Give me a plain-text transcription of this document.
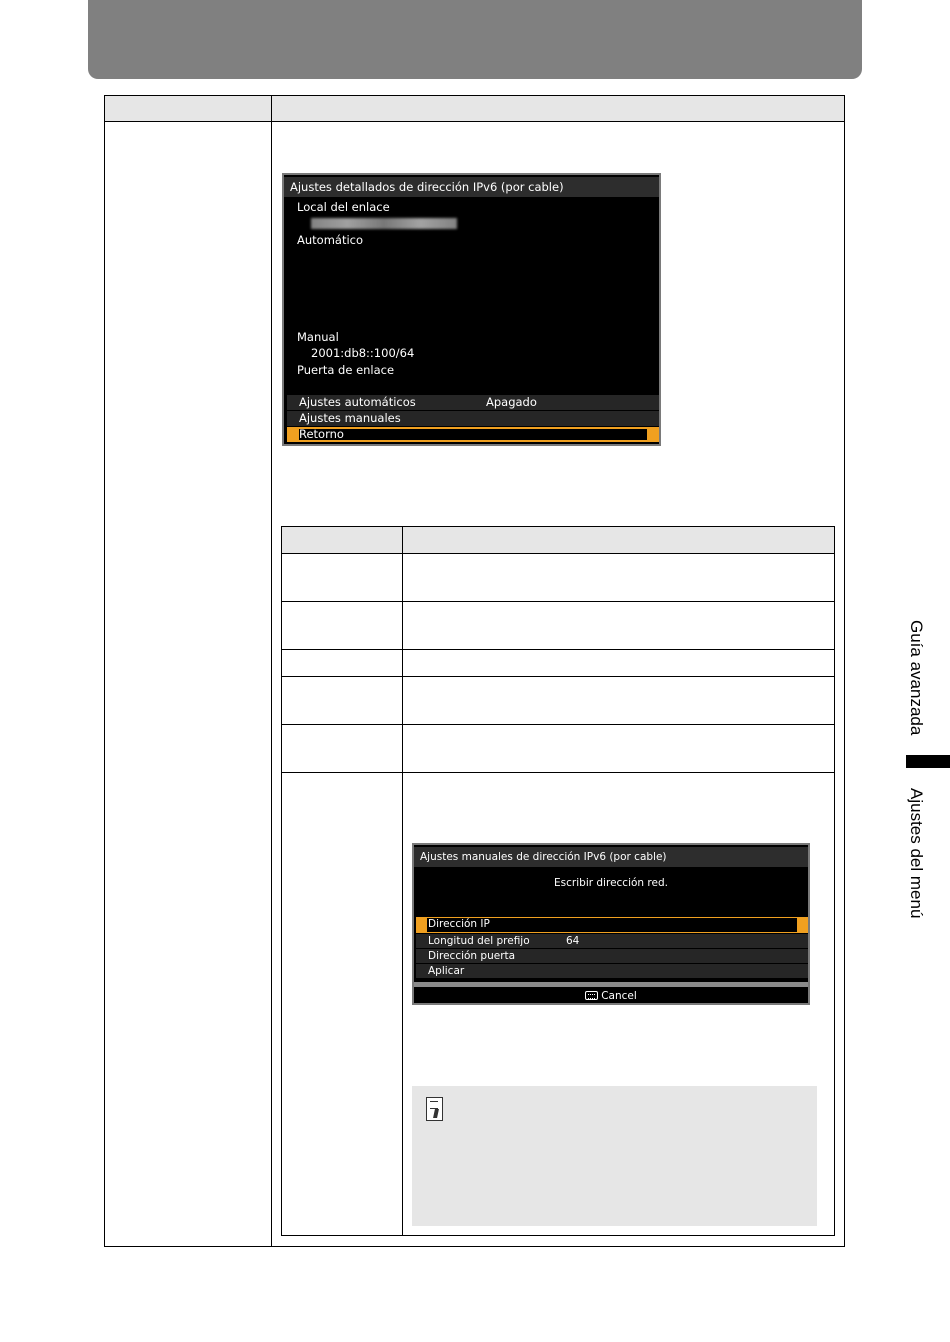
Ajustes detallados de dirección IPv6 (por cable)
Local del enlace
Automático
Manual
2001:db8::100/64
Puerta de enlace
Ajustes automáticos	Apagado
Ajustes manuales
Retorno
Ajustes manuales de dirección IPv6 (por cable)
Escribir dirección red.
Dirección IP
Longitud del prefijo	64
Dirección puerta
Aplicar
Cancel
Guía avanzada
Ajustes del menú
